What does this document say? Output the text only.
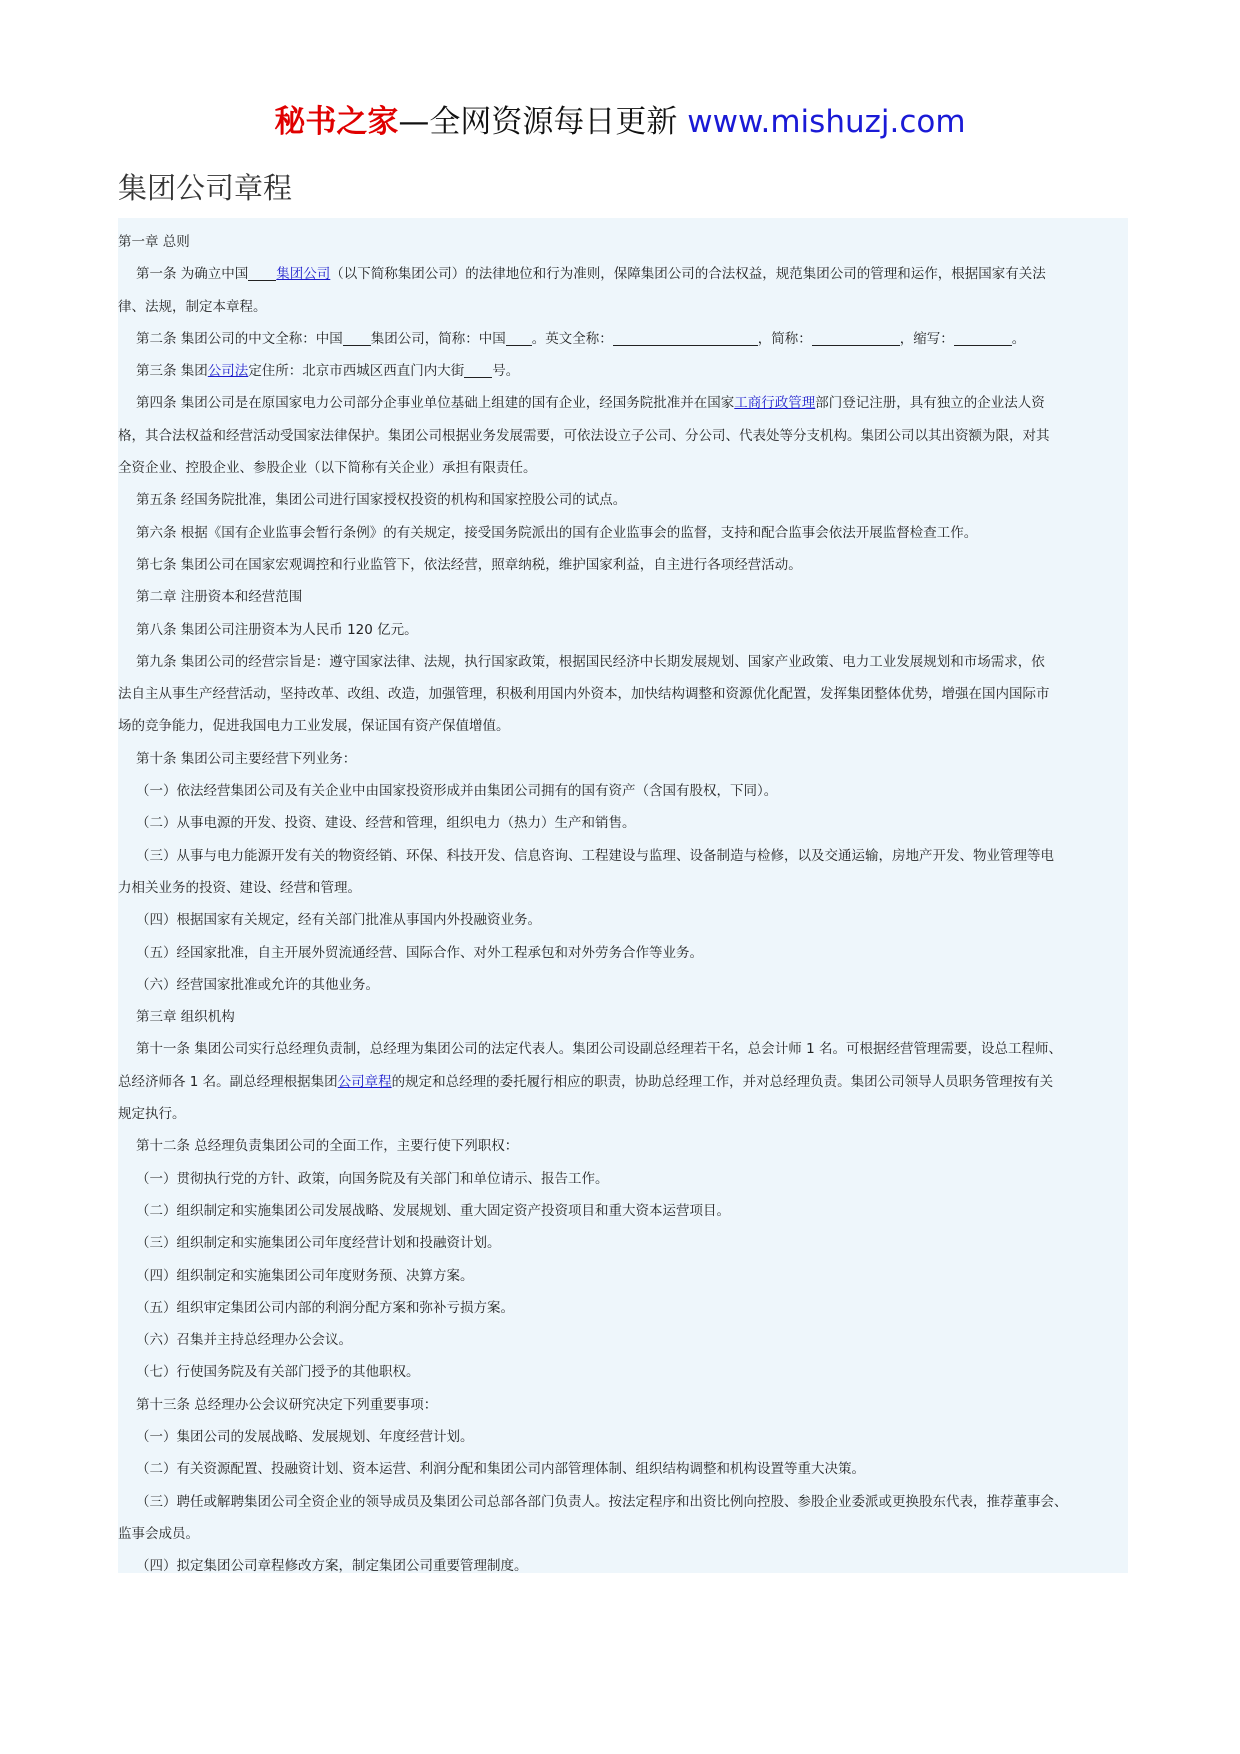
秘书之家—全网资源每日更新 www.mishuzj.com
集团公司章程
第一章 总则
第一条 为确立中国 集团公司（以下简称集团公司）的法律地位和行为准则，保障集团公司的合法权益，规范集团公司的管理和运作，根据国家有关法
律、法规，制定本章程。
第二条 集团公司的中文全称：中国 集团公司，简称：中国 。英文全称：	，简称：	，缩写：	。
第三条 集团公司法定住所：北京市西城区西直门内大街 号。
第四条 集团公司是在原国家电力公司部分企事业单位基础上组建的国有企业，经国务院批准并在国家工商行政管理部门登记注册，具有独立的企业法人资
格，其合法权益和经营活动受国家法律保护。集团公司根据业务发展需要，可依法设立子公司、分公司、代表处等分支机构。集团公司以其出资额为限，对其
全资企业、控股企业、参股企业（以下简称有关企业）承担有限责任。
第五条 经国务院批准，集团公司进行国家授权投资的机构和国家控股公司的试点。
第六条 根据《国有企业监事会暂行条例》的有关规定，接受国务院派出的国有企业监事会的监督，支持和配合监事会依法开展监督检查工作。
第七条 集团公司在国家宏观调控和行业监管下，依法经营，照章纳税，维护国家利益，自主进行各项经营活动。
第二章 注册资本和经营范围
第八条 集团公司注册资本为人民币 120 亿元。
第九条 集团公司的经营宗旨是：遵守国家法律、法规，执行国家政策，根据国民经济中长期发展规划、国家产业政策、电力工业发展规划和市场需求，依
法自主从事生产经营活动，坚持改革、改组、改造，加强管理，积极利用国内外资本，加快结构调整和资源优化配置，发挥集团整体优势，增强在国内国际市
场的竞争能力，促进我国电力工业发展，保证国有资产保值增值。
第十条 集团公司主要经营下列业务：
（一）依法经营集团公司及有关企业中由国家投资形成并由集团公司拥有的国有资产（含国有股权，下同）。
（二）从事电源的开发、投资、建设、经营和管理，组织电力（热力）生产和销售。
（三）从事与电力能源开发有关的物资经销、环保、科技开发、信息咨询、工程建设与监理、设备制造与检修，以及交通运输，房地产开发、物业管理等电
力相关业务的投资、建设、经营和管理。
（四）根据国家有关规定，经有关部门批准从事国内外投融资业务。
（五）经国家批准，自主开展外贸流通经营、国际合作、对外工程承包和对外劳务合作等业务。
（六）经营国家批准或允许的其他业务。
第三章 组织机构
第十一条 集团公司实行总经理负责制，总经理为集团公司的法定代表人。集团公司设副总经理若干名，总会计师 1 名。可根据经营管理需要，设总工程师、
总经济师各 1 名。副总经理根据集团公司章程的规定和总经理的委托履行相应的职责，协助总经理工作，并对总经理负责。集团公司领导人员职务管理按有关
规定执行。
第十二条 总经理负责集团公司的全面工作，主要行使下列职权：
（一）贯彻执行党的方针、政策，向国务院及有关部门和单位请示、报告工作。
（二）组织制定和实施集团公司发展战略、发展规划、重大固定资产投资项目和重大资本运营项目。
（三）组织制定和实施集团公司年度经营计划和投融资计划。
（四）组织制定和实施集团公司年度财务预、决算方案。
（五）组织审定集团公司内部的利润分配方案和弥补亏损方案。
（六）召集并主持总经理办公会议。
（七）行使国务院及有关部门授予的其他职权。
第十三条 总经理办公会议研究决定下列重要事项：
（一）集团公司的发展战略、发展规划、年度经营计划。
（二）有关资源配置、投融资计划、资本运营、利润分配和集团公司内部管理体制、组织结构调整和机构设置等重大决策。
（三）聘任或解聘集团公司全资企业的领导成员及集团公司总部各部门负责人。按法定程序和出资比例向控股、参股企业委派或更换股东代表，推荐董事会、
监事会成员。
（四）拟定集团公司章程修改方案，制定集团公司重要管理制度。
